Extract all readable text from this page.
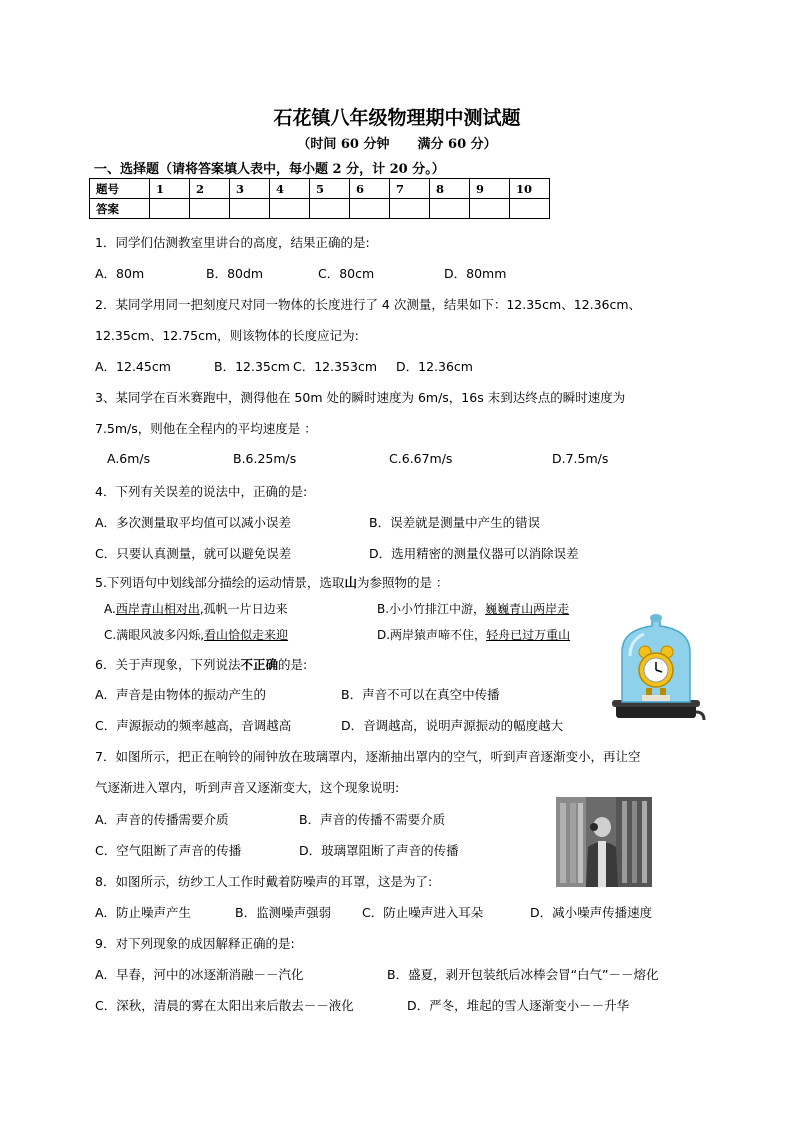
石花镇八年级物理期中测试题
（时间 60 分钟 满分 60 分）
一、选择题（请将答案填人表中，每小题 2 分，计 20 分。）
题号	1	2	3	4	5	6	7	8	9	10
答案										
1．同学们估测教室里讲台的高度，结果正确的是:
A．80m	B．80dm	C．80cm	D．80mm
2．某同学用同一把刻度尺对同一物体的长度进行了 4 次测量，结果如下：12.35cm、12.36cm、
12.35cm、12.75cm，则该物体的长度应记为:
A．12.45cm	B．12.35cm C．12.353cm D．12.36cm
3、某同学在百米赛跑中，测得他在 50m 处的瞬时速度为 6m/s，16s 末到达终点的瞬时速度为
7.5m/s，则他在全程内的平均速度是 ：
A.6m/s	B.6.25m/s	C.6.67m/s	D.7.5m/s
4．下列有关误差的说法中，正确的是:
A．多次测量取平均值可以减小误差	B．误差就是测量中产生的错误
C．只要认真测量，就可以避免误差	D．选用精密的测量仪器可以消除误差
5.下列语句中划线部分描绘的运动情景，选取山为参照物的是 ：
A.西岸青山相对出,孤帆一片日边来	B.小小竹排江中游，巍巍青山两岸走
C.满眼风波多闪烁,看山恰似走来迎	D.两岸猿声啼不住，轻舟已过万重山
6．关于声现象，下列说法不正确的是:
A．声音是由物体的振动产生的	B．声音不可以在真空中传播
C．声源振动的频率越高，音调越高	D．音调越高，说明声源振动的幅度越大
7．如图所示，把正在响铃的闹钟放在玻璃罩内，逐渐抽出罩内的空气，听到声音逐渐变小，再让空
气逐渐进入罩内，听到声音又逐渐变大，这个现象说明:
A．声音的传播需要介质	B．声音的传播不需要介质
C．空气阻断了声音的传播	D．玻璃罩阻断了声音的传播
8．如图所示，纺纱工人工作时戴着防噪声的耳罩，这是为了:
A．防止噪声产生	B．监测噪声强弱 C．防止噪声进入耳朵	D．减小噪声传播速度
9．对下列现象的成因解释正确的是:
A．早春，河中的冰逐渐消融－－汽化	B．盛夏，剥开包装纸后冰棒会冒“白气”－－熔化
C．深秋，清晨的雾在太阳出来后散去－－液化	D．严冬，堆起的雪人逐渐变小－－升华
